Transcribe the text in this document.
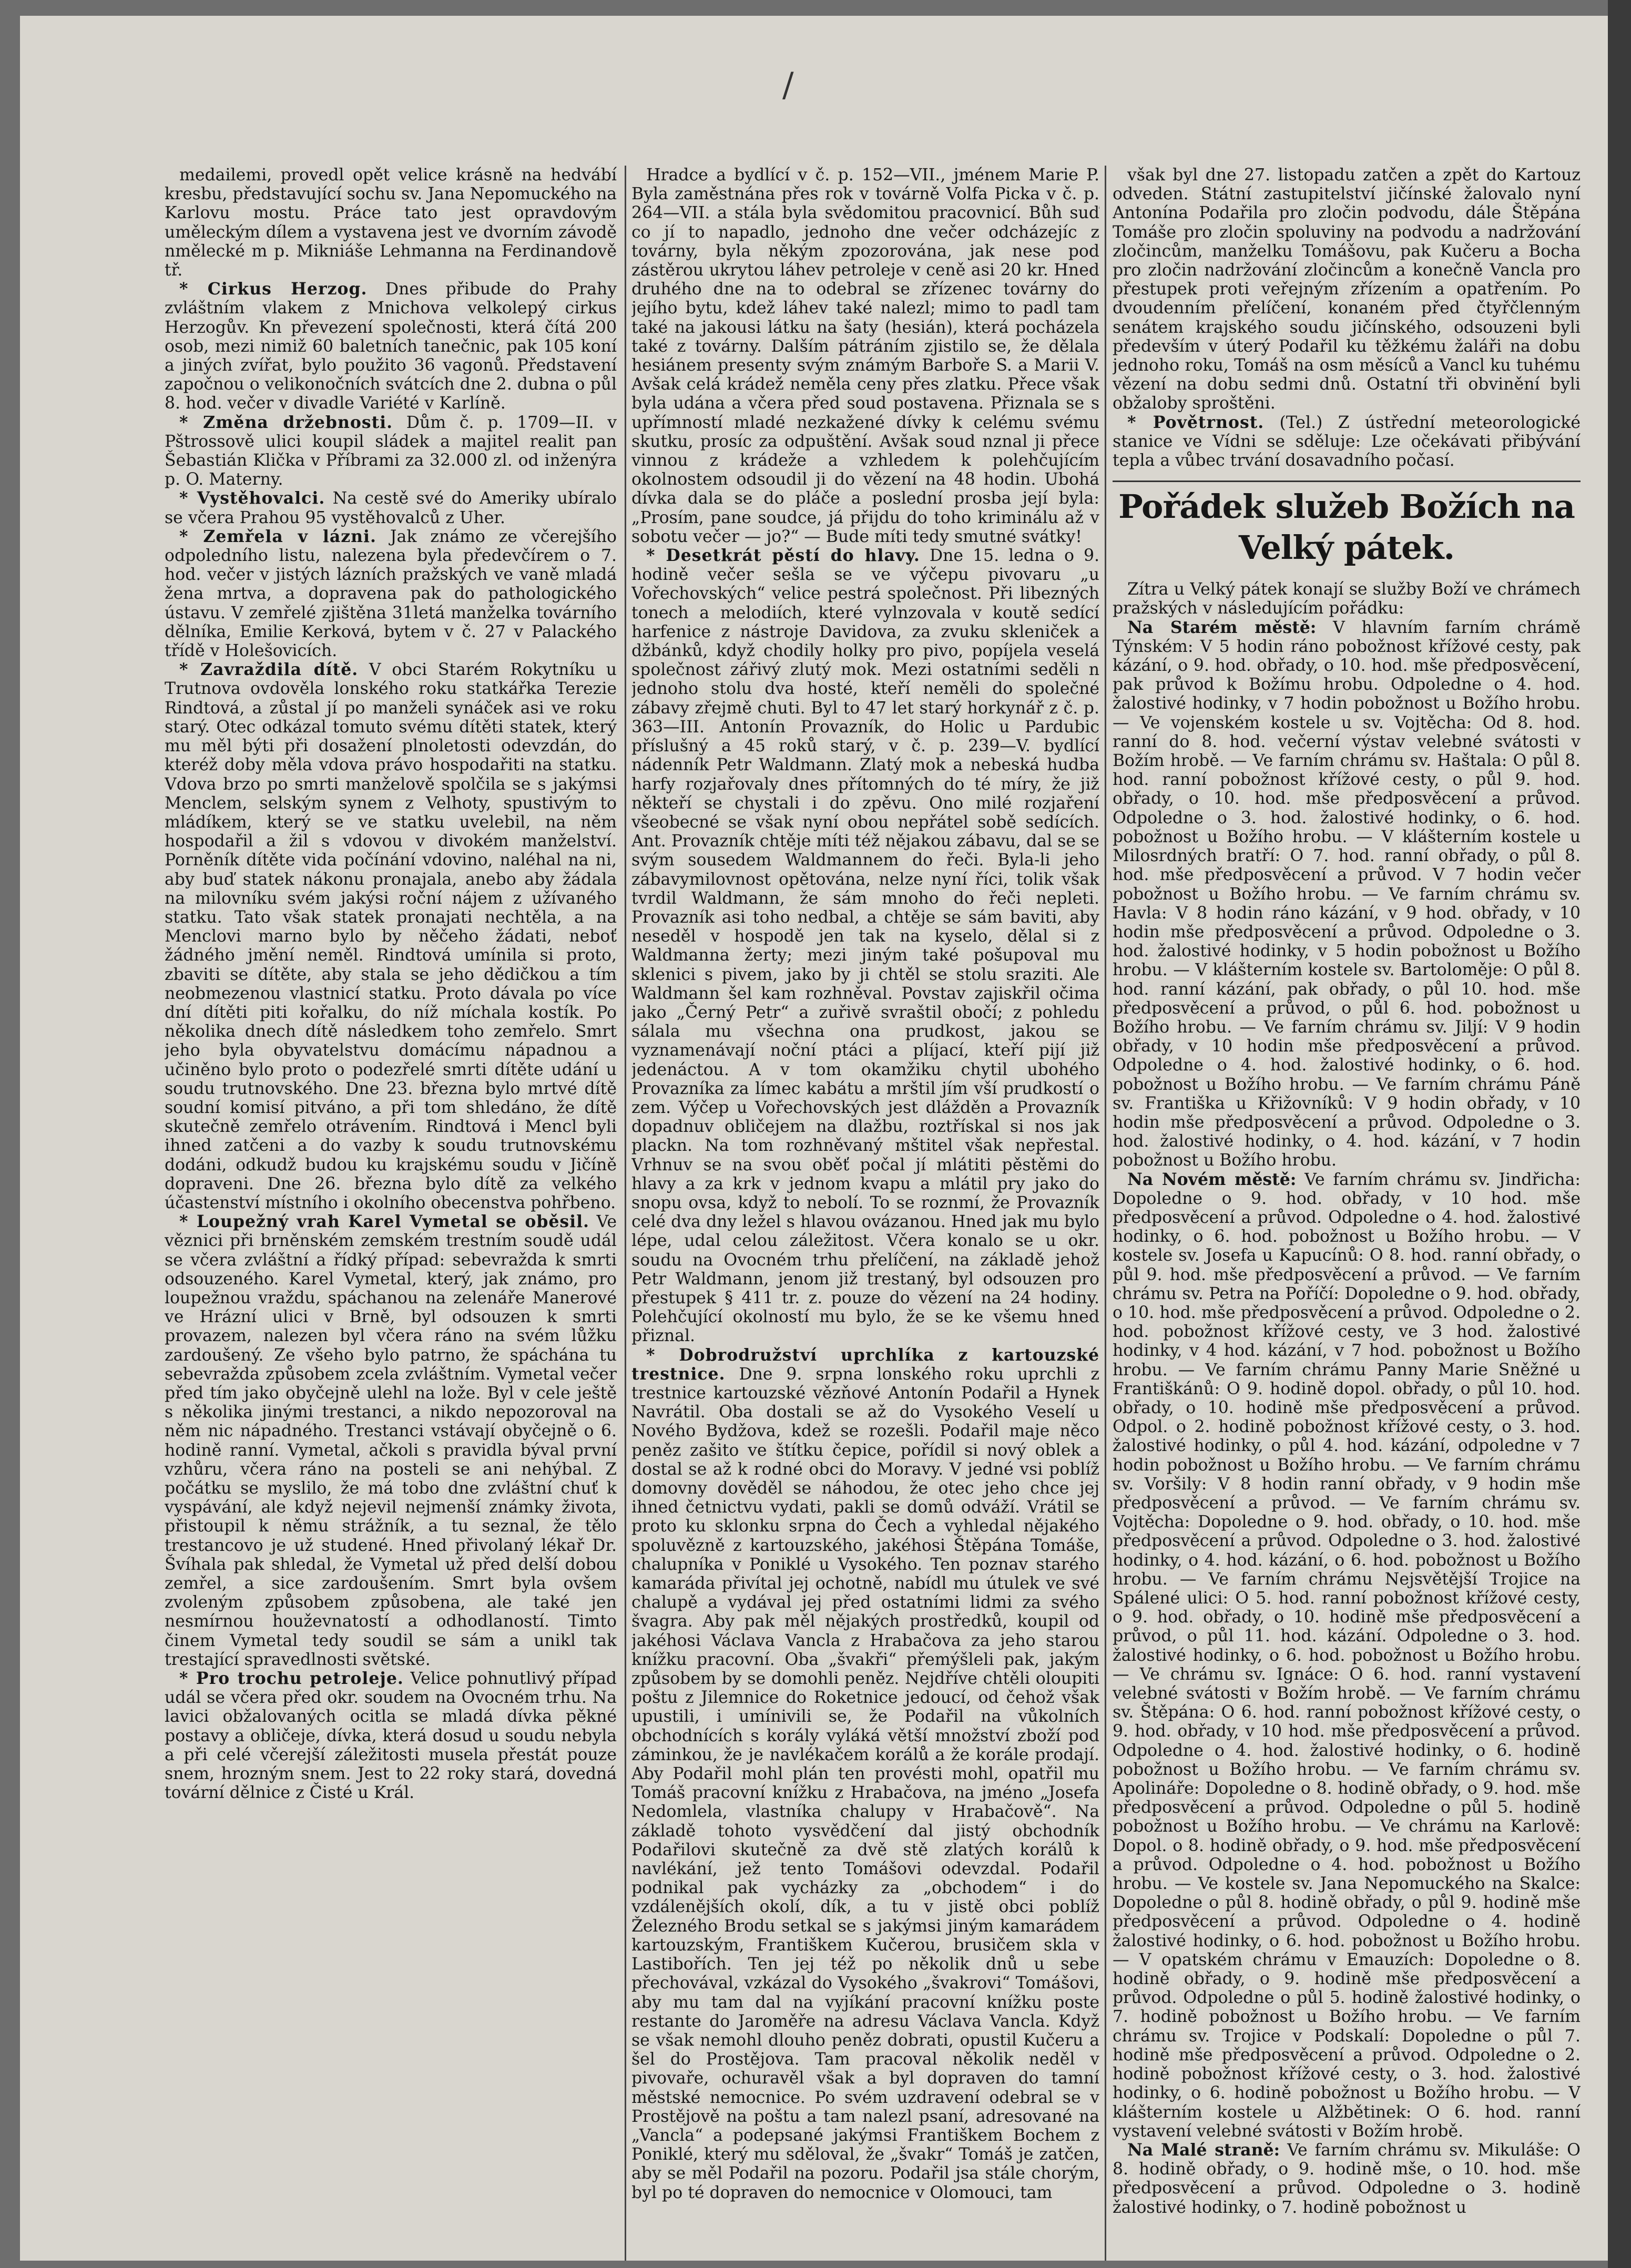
/

medailemi, provedl opět velice krásně na hedvábí kresbu, představující sochu sv. Jana Nepomuckého na Karlovu mostu. Práce tato jest opravdovým uměleckým dílem a vystavena jest ve dvorním závodě nmělecké m p. Mikniáše Lehmanna na Ferdinandově tř.

* Cirkus Herzog. Dnes přibude do Prahy zvláštním vlakem z Mnichova velkolepý cirkus Herzogův. Kn převezení společnosti, která čítá 200 osob, mezi nimiž 60 baletních tanečnic, pak 105 koní a jiných zvířat, bylo použito 36 vagonů. Představení započnou o velikonočních svátcích dne 2. dubna o půl 8. hod. večer v divadle Variété v Karlíně.

* Změna držebnosti. Dům č. p. 1709—II. v Pštrossově ulici koupil sládek a majitel realit pan Šebastián Klička v Příbrami za 32.000 zl. od inženýra p. O. Materny.

* Vystěhovalci. Na cestě své do Ameriky ubíralo se včera Prahou 95 vystěhovalců z Uher.

* Zemřela v lázni. Jak známo ze včerejšího odpoledního listu, nalezena byla předevčírem o 7. hod. večer v jistých lázních pražských ve vaně mladá žena mrtva, a dopravena pak do pathologického ústavu. V zemřelé zjištěna 31letá manželka továrního dělníka, Emilie Kerková, bytem v č. 27 v Palackého třídě v Holešovicích.

* Zavraždila dítě. V obci Starém Rokytníku u Trutnova ovdověla lonského roku statkářka Terezie Rindtová, a zůstal jí po manželi synáček asi ve roku starý. Otec odkázal tomuto svému dítěti statek, který mu měl býti při dosažení plnoletosti odevzdán, do kteréž doby měla vdova právo hospodařiti na statku. Vdova brzo po smrti manželově spolčila se s jakýmsi Menclem, selským synem z Velhoty, spustivým to mládíkem, který se ve statku uvelebil, na něm hospodařil a žil s vdovou v divokém manželství. Porněník dítěte vida počínání vdovino, naléhal na ni, aby buď statek nákonu pronajala, anebo aby žádala na milovníku svém jakýsi roční nájem z užívaného statku. Tato však statek pronajati nechtěla, a na Menclovi marno bylo by něčeho žádati, neboť žádného jmění neměl. Rindtová umínila si proto, zbaviti se dítěte, aby stala se jeho dědičkou a tím neobmezenou vlastnicí statku. Proto dávala po více dní dítěti piti kořalku, do níž míchala kostík. Po několika dnech dítě následkem toho zemřelo. Smrt jeho byla obyvatelstvu domácímu nápadnou a učiněno bylo proto o podezřelé smrti dítěte udání u soudu trutnovského. Dne 23. března bylo mrtvé dítě soudní komisí pitváno, a při tom shledáno, že dítě skutečně zemřelo otrávením. Rindtová i Mencl byli ihned zatčeni a do vazby k soudu trutnovskému dodáni, odkudž budou ku krajskému soudu v Jičíně dopraveni. Dne 26. března bylo dítě za velkého účastenství místního i okolního obecenstva pohřbeno.

* Loupežný vrah Karel Vymetal se oběsil. Ve věznici při brněnském zemském trestním soudě udál se včera zvláštní a řídký případ: sebevražda k smrti odsouzeného. Karel Vymetal, který, jak známo, pro loupežnou vraždu, spáchanou na zelenáře Manerové ve Hrázní ulici v Brně, byl odsouzen k smrti provazem, nalezen byl včera ráno na svém lůžku zardoušený. Ze všeho bylo patrno, že spáchána tu sebevražda způsobem zcela zvláštním. Vymetal večer před tím jako obyčejně ulehl na lože. Byl v cele ještě s několika jinými trestanci, a nikdo nepozoroval na něm nic nápadného. Trestanci vstávají obyčejně o 6. hodině ranní. Vymetal, ačkoli s pravidla býval první vzhůru, včera ráno na posteli se ani nehýbal. Z počátku se myslilo, že má tobo dne zvláštní chuť k vyspávání, ale když nejevil nejmenší známky života, přistoupil k němu strážník, a tu seznal, že tělo trestancovo je už studené. Hned přivolaný lékař Dr. Švíhala pak shledal, že Vymetal už před delší dobou zemřel, a sice zardoušením. Smrt byla ovšem zvoleným způsobem způsobena, ale také jen nesmírnou houževnatostí a odhodlaností. Timto činem Vymetal tedy soudil se sám a unikl tak trestající spravedlnosti světské.

* Pro trochu petroleje. Velice pohnutlivý případ udál se včera před okr. soudem na Ovocném trhu. Na lavici obžalovaných ocitla se mladá dívka pěkné postavy a obličeje, dívka, která dosud u soudu nebyla a při celé včerejší záležitosti musela přestát pouze snem, hrozným snem. Jest to 22 roky stará, dovedná tovární dělnice z Čisté u Král.

Hradce a bydlící v č. p. 152—VII., jménem Marie P. Byla zaměstnána přes rok v továrně Volfa Picka v č. p. 264—VII. a stála byla svědomitou pracovnicí. Bůh suď co jí to napadlo, jednoho dne večer odcházejíc z továrny, byla někým zpozorována, jak nese pod zástěrou ukrytou láhev petroleje v ceně asi 20 kr. Hned druhého dne na to odebral se zřízenec továrny do jejího bytu, kdež láhev také nalezl; mimo to padl tam také na jakousi látku na šaty (hesián), která pocházela také z továrny. Dalším pátráním zjistilo se, že dělala hesiánem presenty svým známým Barboře S. a Marii V. Avšak celá krádež neměla ceny přes zlatku. Přece však byla udána a včera před soud postavena. Přiznala se s upřímností mladé nezkažené dívky k celému svému skutku, prosíc za odpuštění. Avšak soud nznal ji přece vinnou z krádeže a vzhledem k polehčujícím okolnostem odsoudil ji do vězení na 48 hodin. Ubohá dívka dala se do pláče a poslední prosba její byla: „Prosím, pane soudce, já přijdu do toho kriminálu až v sobotu večer — jo?“ — Bude míti tedy smutné svátky!

* Desetkrát pěstí do hlavy. Dne 15. ledna o 9. hodině večer sešla se ve výčepu pivovaru „u Vořechovských“ velice pestrá společnost. Při libezných tonech a melodiích, které vylnzovala v koutě sedící harfenice z nástroje Davidova, za zvuku skleniček a džbánků, když chodily holky pro pivo, popíjela veselá společnost zářivý zlutý mok. Mezi ostatními seděli n jednoho stolu dva hosté, kteří neměli do společné zábavy zřejmě chuti. Byl to 47 let starý horkynář z č. p. 363—III. Antonín Provazník, do Holic u Pardubic příslušný a 45 roků starý, v č. p. 239—V. bydlící nádenník Petr Waldmann. Zlatý mok a nebeská hudba harfy rozjařovaly dnes přítomných do té míry, že již někteří se chystali i do zpěvu. Ono milé rozjaření všeobecné se však nyní obou nepřátel sobě sedících. Ant. Provazník chtěje míti též nějakou zábavu, dal se se svým sousedem Waldmannem do řeči. Byla-li jeho zábavymilovnost opětována, nelze nyní říci, tolik však tvrdil Waldmann, že sám mnoho do řeči nepleti. Provazník asi toho nedbal, a chtěje se sám baviti, aby neseděl v hospodě jen tak na kyselo, dělal si z Waldmanna žerty; mezi jiným také pošupoval mu sklenici s pivem, jako by ji chtěl se stolu sraziti. Ale Waldmann šel kam rozhněval. Povstav zajiskřil očima jako „Černý Petr“ a zuřivě svraštil obočí; z pohledu sálala mu všechna ona prudkost, jakou se vyznamenávají noční ptáci a plíjací, kteří pijí již jedenáctou. A v tom okamžiku chytil ubohého Provazníka za límec kabátu a mrštil jím vší prudkostí o zem. Výčep u Vořechovských jest dlážděn a Provazník dopadnuv obličejem na dlažbu, roztřískal si nos jak plackn. Na tom rozhněvaný mštitel však nepřestal. Vrhnuv se na svou oběť počal jí mlátiti pěstěmi do hlavy a za krk v jednom kvapu a mlátil pry jako do snopu ovsa, když to nebolí. To se roznmí, že Provazník celé dva dny ležel s hlavou ovázanou. Hned jak mu bylo lépe, udal celou záležitost. Včera konalo se u okr. soudu na Ovocném trhu přelíčení, na základě jehož Petr Waldmann, jenom již trestaný, byl odsouzen pro přestupek § 411 tr. z. pouze do vězení na 24 hodiny. Polehčující okolností mu bylo, že se ke všemu hned přiznal.

* Dobrodružství uprchlíka z kartouzské trestnice. Dne 9. srpna lonského roku uprchli z trestnice kartouzské vězňové Antonín Podařil a Hynek Navrátil. Oba dostali se až do Vysokého Veselí u Nového Bydžova, kdež se rozešli. Podařil maje něco peněz zašito ve štítku čepice, pořídil si nový oblek a dostal se až k rodné obci do Moravy. V jedné vsi poblíž domovny dověděl se náhodou, že otec jeho chce jej ihned četnictvu vydati, pakli se domů odváží. Vrátil se proto ku sklonku srpna do Čech a vyhledal nějakého spoluvězně z kartouzského, jakéhosi Štěpána Tomáše, chalupníka v Poniklé u Vysokého. Ten poznav starého kamaráda přivítal jej ochotně, nabídl mu útulek ve své chalupě a vydával jej před ostatními lidmi za svého švagra. Aby pak měl nějakých prostředků, koupil od jakéhosi Václava Vancla z Hrabačova za jeho starou knížku pracovní. Oba „švakři“ přemýšleli pak, jakým způsobem by se domohli peněz. Nejdříve chtěli oloupiti poštu z Jilemnice do Roketnice jedoucí, od čehož však upustili, i umínivili se, že Podařil na vůkolních obchodnících s korály vyláká větší množství zboží pod záminkou, že je navlékačem korálů a že korále prodají. Aby Podařil mohl plán ten provésti mohl, opatřil mu Tomáš pracovní knížku z Hrabačova, na jméno „Josefa Nedomlela, vlastníka chalupy v Hrabačově“. Na základě tohoto vysvědčení dal jistý obchodník Podařilovi skutečně za dvě stě zlatých korálů k navlékání, jež tento Tomášovi odevzdal. Podařil podnikal pak vycházky za „obchodem“ i do vzdálenějších okolí, dík, a tu v jistě obci poblíž Železného Brodu setkal se s jakýmsi jiným kamarádem kartouzským, Františkem Kučerou, brusičem skla v Lastibořích. Ten jej též po několik dnů u sebe přechovával, vzkázal do Vysokého „švakrovi“ Tomášovi, aby mu tam dal na vyjíkání pracovní knížku poste restante do Jaroměře na adresu Václava Vancla. Když se však nemohl dlouho peněz dobrati, opustil Kučeru a šel do Prostějova. Tam pracoval několik neděl v pivovaře, ochuravěl však a byl dopraven do tamní městské nemocnice. Po svém uzdravení odebral se v Prostějově na poštu a tam nalezl psaní, adresované na „Vancla“ a podepsané jakýmsi Františkem Bochem z Poniklé, který mu sděloval, že „švakr“ Tomáš je zatčen, aby se měl Podařil na pozoru. Podařil jsa stále chorým, byl po té dopraven do nemocnice v Olomouci, tam

však byl dne 27. listopadu zatčen a zpět do Kartouz odveden. Státní zastupitelství jičínské žalovalo nyní Antonína Podařila pro zločin podvodu, dále Štěpána Tomáše pro zločin spoluviny na podvodu a nadržování zločincům, manželku Tomášovu, pak Kučeru a Bocha pro zločin nadržování zločincům a konečně Vancla pro přestupek proti veřejným zřízením a opatřením. Po dvoudenním přelíčení, konaném před čtyřčlenným senátem krajského soudu jičínského, odsouzeni byli především v úterý Podařil ku těžkému žaláři na dobu jednoho roku, Tomáš na osm měsíců a Vancl ku tuhému vězení na dobu sedmi dnů. Ostatní tři obvinění byli obžaloby sproštěni.

* Povětrnost. (Tel.) Z ústřední meteorologické stanice ve Vídni se sděluje: Lze očekávati přibývání tepla a vůbec trvání dosavadního počasí.

Pořádek služeb Božích na Velký pátek.

Zítra u Velký pátek konají se služby Boží ve chrámech pražských v následujícím pořádku:

Na Starém městě: V hlavním farním chrámě Týnském: V 5 hodin ráno pobožnost křížové cesty, pak kázání, o 9. hod. obřady, o 10. hod. mše předposvěcení, pak průvod k Božímu hrobu. Odpoledne o 4. hod. žalostivé hodinky, v 7 hodin pobožnost u Božího hrobu. — Ve vojenském kostele u sv. Vojtěcha: Od 8. hod. ranní do 8. hod. večerní výstav velebné svátosti v Božím hrobě. — Ve farním chrámu sv. Haštala: O půl 8. hod. ranní pobožnost křížové cesty, o půl 9. hod. obřady, o 10. hod. mše předposvěcení a průvod. Odpoledne o 3. hod. žalostivé hodinky, o 6. hod. pobožnost u Božího hrobu. — V klášterním kostele u Milosrdných bratří: O 7. hod. ranní obřady, o půl 8. hod. mše předposvěcení a průvod. V 7 hodin večer pobožnost u Božího hrobu. — Ve farním chrámu sv. Havla: V 8 hodin ráno kázání, v 9 hod. obřady, v 10 hodin mše předposvěcení a průvod. Odpoledne o 3. hod. žalostivé hodinky, v 5 hodin pobožnost u Božího hrobu. — V klášterním kostele sv. Bartoloměje: O půl 8. hod. ranní kázání, pak obřady, o půl 10. hod. mše předposvěcení a průvod, o půl 6. hod. pobožnost u Božího hrobu. — Ve farním chrámu sv. Jiljí: V 9 hodin obřady, v 10 hodin mše předposvěcení a průvod. Odpoledne o 4. hod. žalostivé hodinky, o 6. hod. pobožnost u Božího hrobu. — Ve farním chrámu Páně sv. Františka u Křižovníků: V 9 hodin obřady, v 10 hodin mše předposvěcení a průvod. Odpoledne o 3. hod. žalostivé hodinky, o 4. hod. kázání, v 7 hodin pobožnost u Božího hrobu.

Na Novém městě: Ve farním chrámu sv. Jindřicha: Dopoledne o 9. hod. obřady, v 10 hod. mše předposvěcení a průvod. Odpoledne o 4. hod. žalostivé hodinky, o 6. hod. pobožnost u Božího hrobu. — V kostele sv. Josefa u Kapucínů: O 8. hod. ranní obřady, o půl 9. hod. mše předposvěcení a průvod. — Ve farním chrámu sv. Petra na Poříčí: Dopoledne o 9. hod. obřady, o 10. hod. mše předposvěcení a průvod. Odpoledne o 2. hod. pobožnost křížové cesty, ve 3 hod. žalostivé hodinky, v 4 hod. kázání, v 7 hod. pobožnost u Božího hrobu. — Ve farním chrámu Panny Marie Sněžné u Františkánů: O 9. hodině dopol. obřady, o půl 10. hod. obřady, o 10. hodině mše předposvěcení a průvod. Odpol. o 2. hodině pobožnost křížové cesty, o 3. hod. žalostivé hodinky, o půl 4. hod. kázání, odpoledne v 7 hodin pobožnost u Božího hrobu. — Ve farním chrámu sv. Voršily: V 8 hodin ranní obřady, v 9 hodin mše předposvěcení a průvod. — Ve farním chrámu sv. Vojtěcha: Dopoledne o 9. hod. obřady, o 10. hod. mše předposvěcení a průvod. Odpoledne o 3. hod. žalostivé hodinky, o 4. hod. kázání, o 6. hod. pobožnost u Božího hrobu. — Ve farním chrámu Nejsvětější Trojice na Spálené ulici: O 5. hod. ranní pobožnost křížové cesty, o 9. hod. obřady, o 10. hodině mše předposvěcení a průvod, o půl 11. hod. kázání. Odpoledne o 3. hod. žalostivé hodinky, o 6. hod. pobožnost u Božího hrobu. — Ve chrámu sv. Ignáce: O 6. hod. ranní vystavení velebné svátosti v Božím hrobě. — Ve farním chrámu sv. Štěpána: O 6. hod. ranní pobožnost křížové cesty, o 9. hod. obřady, v 10 hod. mše předposvěcení a průvod. Odpoledne o 4. hod. žalostivé hodinky, o 6. hodině pobožnost u Božího hrobu. — Ve farním chrámu sv. Apolináře: Dopoledne o 8. hodině obřady, o 9. hod. mše předposvěcení a průvod. Odpoledne o půl 5. hodině pobožnost u Božího hrobu. — Ve chrámu na Karlově: Dopol. o 8. hodině obřady, o 9. hod. mše předposvěcení a průvod. Odpoledne o 4. hod. pobožnost u Božího hrobu. — Ve kostele sv. Jana Nepomuckého na Skalce: Dopoledne o půl 8. hodině obřady, o půl 9. hodině mše předposvěcení a průvod. Odpoledne o 4. hodině žalostivé hodinky, o 6. hod. pobožnost u Božího hrobu. — V opatském chrámu v Emauzích: Dopoledne o 8. hodině obřady, o 9. hodině mše předposvěcení a průvod. Odpoledne o půl 5. hodině žalostivé hodinky, o 7. hodině pobožnost u Božího hrobu. — Ve farním chrámu sv. Trojice v Podskalí: Dopoledne o půl 7. hodině mše předposvěcení a průvod. Odpoledne o 2. hodině pobožnost křížové cesty, o 3. hod. žalostivé hodinky, o 6. hodině pobožnost u Božího hrobu. — V klášterním kostele u Alžbětinek: O 6. hod. ranní vystavení velebné svátosti v Božím hrobě.

Na Malé straně: Ve farním chrámu sv. Mikuláše: O 8. hodině obřady, o 9. hodině mše, o 10. hod. mše předposvěcení a průvod. Odpoledne o 3. hodině žalostivé hodinky, o 7. hodině pobožnost u
